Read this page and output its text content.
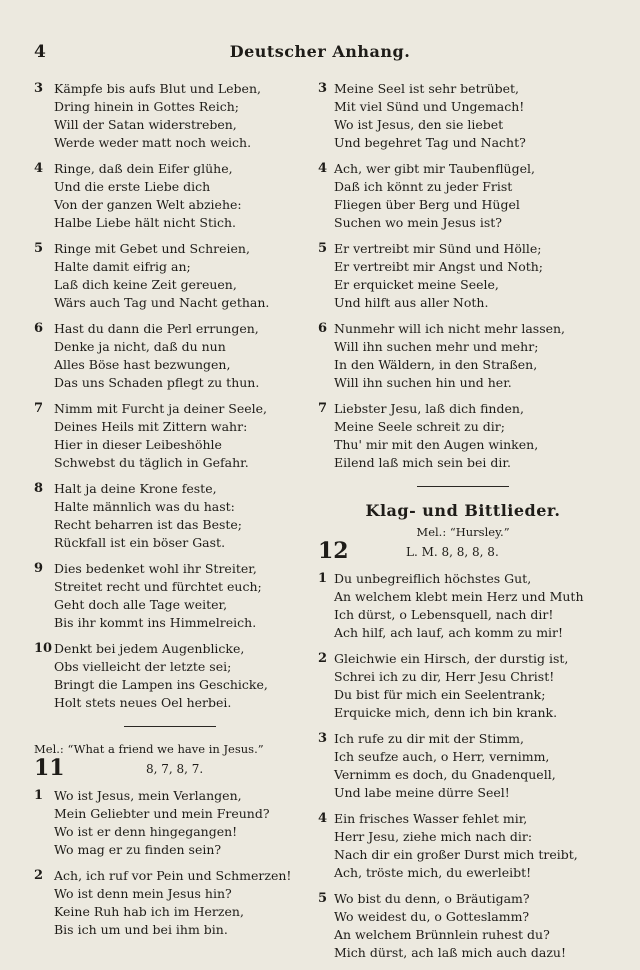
4	Deutscher Anhang.
3 Kämpfe bis aufs Blut und Leben,
Dring hinein in Gottes Reich;
Will der Satan widerstreben,
Werde weder matt noch weich.
4 Ringe, daß dein Eifer glühe,
Und die erste Liebe dich
Von der ganzen Welt abziehe:
Halbe Liebe hält nicht Stich.
5 Ringe mit Gebet und Schreien,
Halte damit eifrig an;
Laß dich keine Zeit gereuen,
Wärs auch Tag und Nacht gethan.
6 Hast du dann die Perl errungen,
Denke ja nicht, daß du nun
Alles Böse hast bezwungen,
Das uns Schaden pflegt zu thun.
7 Nimm mit Furcht ja deiner Seele,
Deines Heils mit Zittern wahr:
Hier in dieser Leibeshöhle
Schwebst du täglich in Gefahr.
8 Halt ja deine Krone feste,
Halte männlich was du hast:
Recht beharren ist das Beste;
Rückfall ist ein böser Gast.
9 Dies bedenket wohl ihr Streiter,
Streitet recht und fürchtet euch;
Geht doch alle Tage weiter,
Bis ihr kommt ins Himmelreich.
10 Denkt bei jedem Augenblicke,
Obs vielleicht der letzte sei;
Bringt die Lampen ins Geschicke,
Holt stets neues Oel herbei.
Mel.: “What a friend we have in Jesus.”
11	8, 7, 8, 7.
1 Wo ist Jesus, mein Verlangen,
Mein Geliebter und mein Freund?
Wo ist er denn hingegangen!
Wo mag er zu finden sein?
2 Ach, ich ruf vor Pein und Schmerzen!
Wo ist denn mein Jesus hin?
Keine Ruh hab ich im Herzen,
Bis ich um und bei ihm bin.
3 Meine Seel ist sehr betrübet,
Mit viel Sünd und Ungemach!
Wo ist Jesus, den sie liebet
Und begehret Tag und Nacht?
4 Ach, wer gibt mir Taubenflügel,
Daß ich könnt zu jeder Frist
Fliegen über Berg und Hügel
Suchen wo mein Jesus ist?
5 Er vertreibt mir Sünd und Hölle;
Er vertreibt mir Angst und Noth;
Er erquicket meine Seele,
Und hilft aus aller Noth.
6 Nunmehr will ich nicht mehr lassen,
Will ihn suchen mehr und mehr;
In den Wäldern, in den Straßen,
Will ihn suchen hin und her.
7 Liebster Jesu, laß dich finden,
Meine Seele schreit zu dir;
Thu' mir mit den Augen winken,
Eilend laß mich sein bei dir.
Klag- und Bittlieder.
Mel.: “Hursley.”
12	L. M. 8, 8, 8, 8.
1 Du unbegreiflich höchstes Gut,
An welchem klebt mein Herz und Muth
Ich dürst, o Lebensquell, nach dir!
Ach hilf, ach lauf, ach komm zu mir!
2 Gleichwie ein Hirsch, der durstig ist,
Schrei ich zu dir, Herr Jesu Christ!
Du bist für mich ein Seelentrank;
Erquicke mich, denn ich bin krank.
3 Ich rufe zu dir mit der Stimm,
Ich seufze auch, o Herr, vernimm,
Vernimm es doch, du Gnadenquell,
Und labe meine dürre Seel!
4 Ein frisches Wasser fehlet mir,
Herr Jesu, ziehe mich nach dir:
Nach dir ein großer Durst mich treibt,
Ach, tröste mich, du ewerleibt!
5 Wo bist du denn, o Bräutigam?
Wo weidest du, o Gotteslamm?
An welchem Brünnlein ruhest du?
Mich dürst, ach laß mich auch dazu!
